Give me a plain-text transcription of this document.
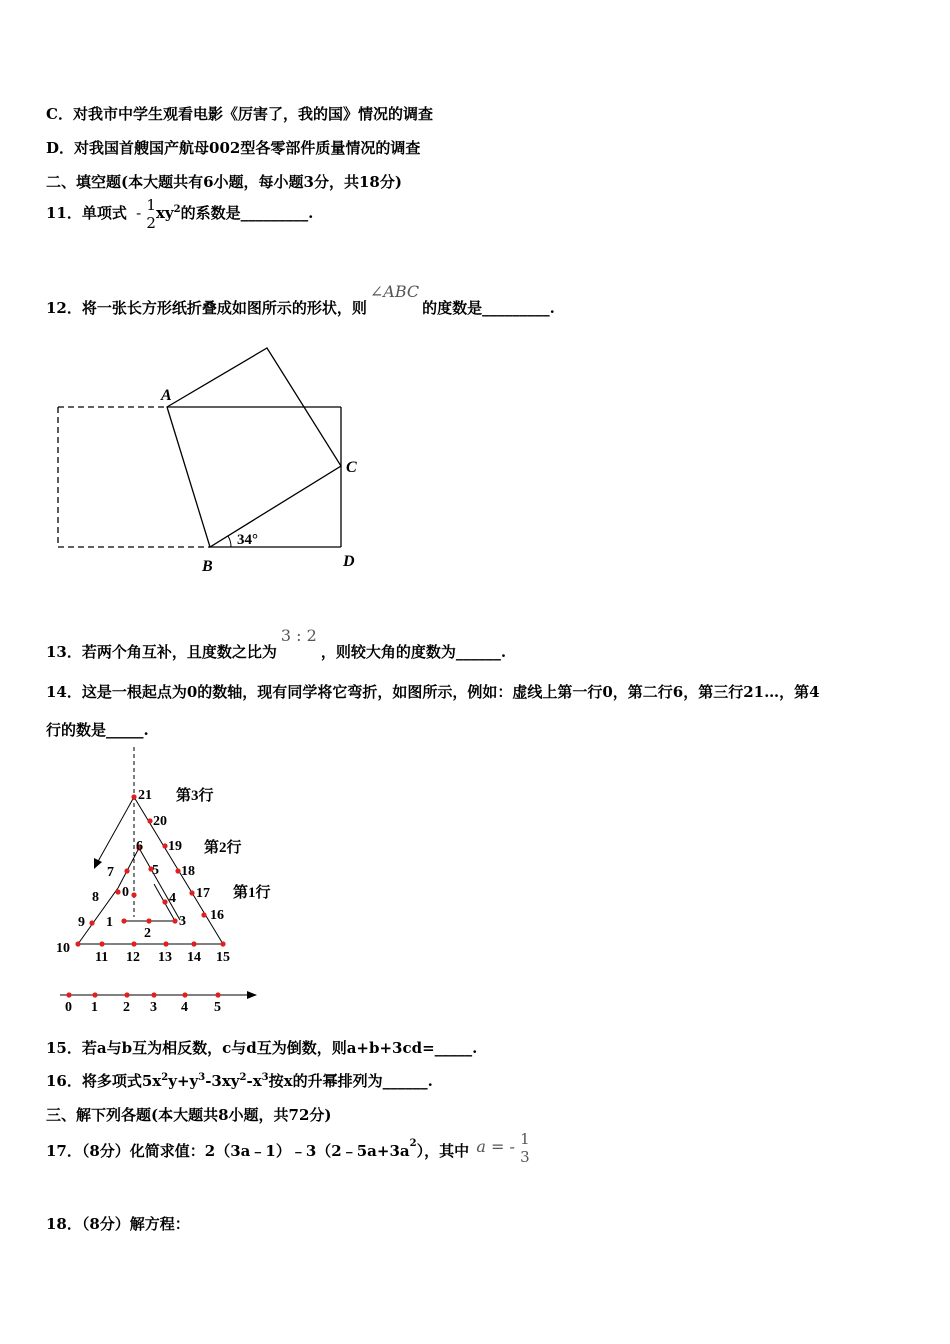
C．对我市中学生观看电影《厉害了，我的国》情况的调查
D．对我国首艘国产航母002型各零部件质量情况的调查
二、填空题(本大题共有6小题，每小题3分，共18分)
11．单项式 - 1
2
$xy^2$的系数是_________.
12．将一张长方形纸折叠成如图所示的形状，则∠ABC的度数是_________.
A
B
C
D
34°
13．若两个角互补，且度数之比为3 : 2，则较大角的度数为______.
14．这是一根起点为0的数轴，现有同学将它弯折，如图所示，例如：虚线上第一行0，第二行6，第三行21…，第4
行的数是_____.
第3行
第2行
第1行
0
1
2
3
4
5
6
7
8
9
10
11 12 13 14 15
16
17
18
19
20
21
0 1 2 3 4 5
15．若a与b互为相反数，c与d互为倒数，则a+b+3cd=_____.
16．将多项式$5x^2y+y^3-3xy^2-x^3$按x的升幂排列为______.
三、解下列各题(本大题共8小题，共72分)
17．（8分）化简求值：$2(3a﹣1)﹣3(2﹣5a+3a^2)$，其中 a = - 1
3
18．（8分）解方程：
